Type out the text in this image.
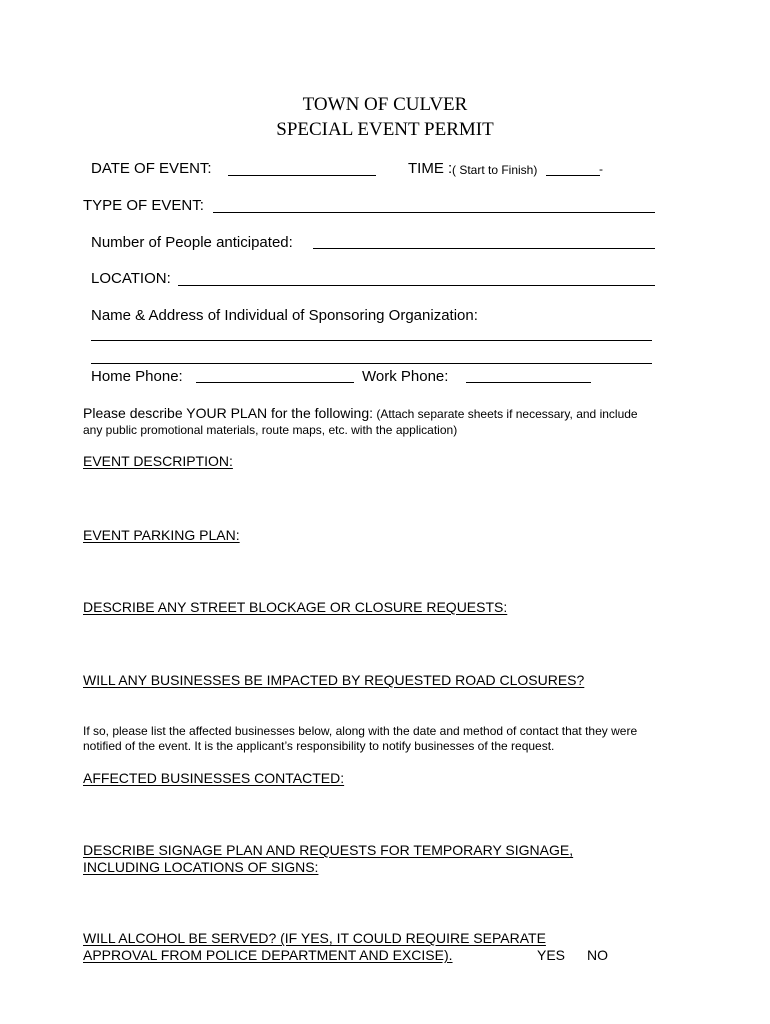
TOWN OF CULVER
SPECIAL EVENT PERMIT
DATE OF EVENT:	TIME : ( Start to Finish)	-
TYPE OF EVENT:
Number of People anticipated:
LOCATION:
Name & Address of Individual of Sponsoring Organization:
Home Phone:	Work Phone:
Please describe YOUR PLAN for the following: (Attach separate sheets if necessary, and include
any public promotional materials, route maps, etc. with the application)
EVENT DESCRIPTION:
EVENT PARKING PLAN:
DESCRIBE ANY STREET BLOCKAGE OR CLOSURE REQUESTS:
WILL ANY BUSINESSES BE IMPACTED BY REQUESTED ROAD CLOSURES?
If so, please list the affected businesses below, along with the date and method of contact that they were notified of the event. It is the applicant’s responsibility to notify businesses of the request.
AFFECTED BUSINESSES CONTACTED:
DESCRIBE SIGNAGE PLAN AND REQUESTS FOR TEMPORARY SIGNAGE,
INCLUDING LOCATIONS OF SIGNS:
WILL ALCOHOL BE SERVED? (IF YES, IT COULD REQUIRE SEPARATE
APPROVAL FROM POLICE DEPARTMENT AND EXCISE).	YES NO
